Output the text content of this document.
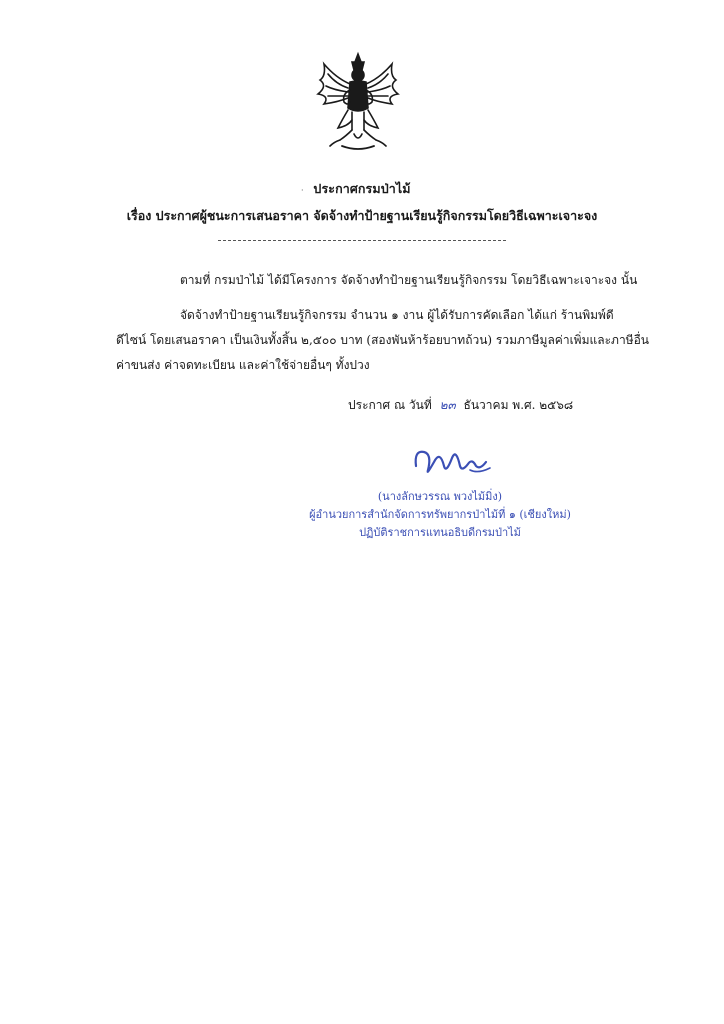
· ประกาศกรมป่าไม้
เรื่อง ประกาศผู้ชนะการเสนอราคา จัดจ้างทำป้ายฐานเรียนรู้กิจกรรมโดยวิธีเฉพาะเจาะจง
ตามที่ กรมป่าไม้ ได้มีโครงการ จัดจ้างทำป้ายฐานเรียนรู้กิจกรรม โดยวิธีเฉพาะเจาะจง นั้น
จัดจ้างทำป้ายฐานเรียนรู้กิจกรรม จำนวน ๑ งาน ผู้ได้รับการคัดเลือก ได้แก่ ร้านพิมพ์ดี
ดีไซน์ โดยเสนอราคา เป็นเงินทั้งสิ้น ๒,๕๐๐ บาท (สองพันห้าร้อยบาทถ้วน) รวมภาษีมูลค่าเพิ่มและภาษีอื่น
ค่าขนส่ง ค่าจดทะเบียน และค่าใช้จ่ายอื่นๆ ทั้งปวง
ประกาศ ณ วันที่ ๒๓ ธันวาคม พ.ศ. ๒๕๖๘
(นางลักษวรรณ พวงไม้มิ่ง)
ผู้อำนวยการสำนักจัดการทรัพยากรป่าไม้ที่ ๑ (เชียงใหม่)
ปฏิบัติราชการแทนอธิบดีกรมป่าไม้
